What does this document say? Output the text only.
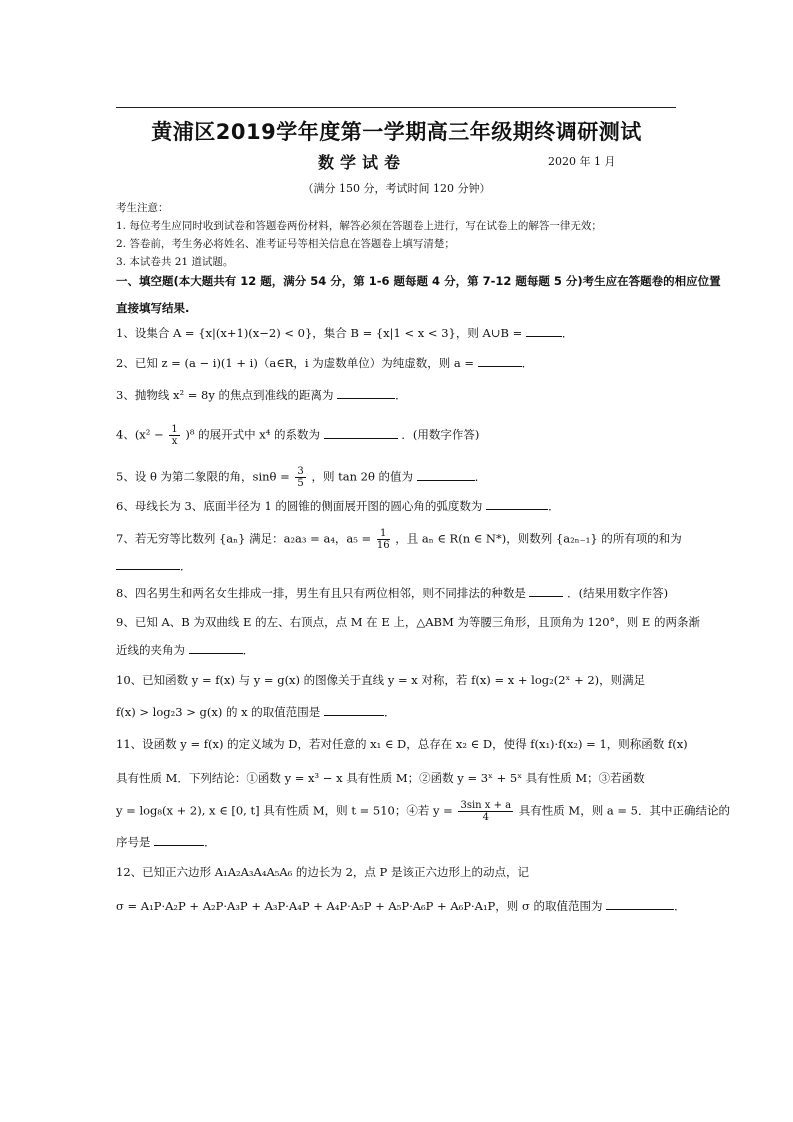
黄浦区2019学年度第一学期高三年级期终调研测试
数学试卷	2020 年 1 月
（满分 150 分，考试时间 120 分钟）
考生注意：
1. 每位考生应同时收到试卷和答题卷两份材料，解答必须在答题卷上进行，写在试卷上的解答一律无效；
2. 答卷前，考生务必将姓名、准考证号等相关信息在答题卷上填写清楚；
3. 本试卷共 21 道试题。
一、填空题(本大题共有 12 题，满分 54 分，第 1-6 题每题 4 分，第 7-12 题每题 5 分)考生应在答题卷的相应位置
直接填写结果.
1、设集合 A = {x|(x+1)(x−2) < 0}，集合 B = {x|1 < x < 3}，则 A∪B =	．
2、已知 z = (a − i)(1 + i)（a∈R，i 为虚数单位）为纯虚数，则 a =	．
3、抛物线 x² = 8y 的焦点到准线的距离为	．
4、$(x^2 - \frac{1}{x} )^8$ 的展开式中 x⁴ 的系数为	．(用数字作答)
5、设 θ 为第二象限的角，$\sin\theta = \frac{3}{5}$ ，则 tan 2θ 的值为	．
6、母线长为 3、底面半径为 1 的圆锥的侧面展开图的圆心角的弧度数为	．
7、若无穷等比数列 {aₙ} 满足：a₂a₃ = a₄，$a_5 = \frac{1}{16}$ ，且 aₙ ∈ R(n ∈ N*)，则数列 {a₂ₙ₋₁} 的所有项的和为
．
8、四名男生和两名女生排成一排，男生有且只有两位相邻，则不同排法的种数是	．(结果用数字作答)
9、已知 A、B 为双曲线 E 的左、右顶点，点 M 在 E 上，△ABM 为等腰三角形，且顶角为 120°，则 E 的两条渐
近线的夹角为	．
10、已知函数 y = f(x) 与 y = g(x) 的图像关于直线 y = x 对称，若 f(x) = x + log₂(2ˣ + 2)，则满足
f(x) > log₂3 > g(x) 的 x 的取值范围是	．
11、设函数 y = f(x) 的定义域为 D，若对任意的 x₁ ∈ D，总存在 x₂ ∈ D，使得 f(x₁)·f(x₂) = 1，则称函数 f(x)
具有性质 M．下列结论：①函数 y = x³ − x 具有性质 M；②函数 y = 3ˣ + 5ˣ 具有性质 M；③若函数
y = log₈(x + 2), x ∈ [0, t] 具有性质 M，则 t = 510；④若 $y = \frac{\text{3sin x + a}}{4}$ 具有性质 M，则 a = 5．其中正确结论的
序号是	．
12、已知正六边形 A₁A₂A₃A₄A₅A₆ 的边长为 2，点 P 是该正六边形上的动点，记
σ = A₁P·A₂P + A₂P·A₃P + A₃P·A₄P + A₄P·A₅P + A₅P·A₆P + A₆P·A₁P，则 σ 的取值范围为	．
